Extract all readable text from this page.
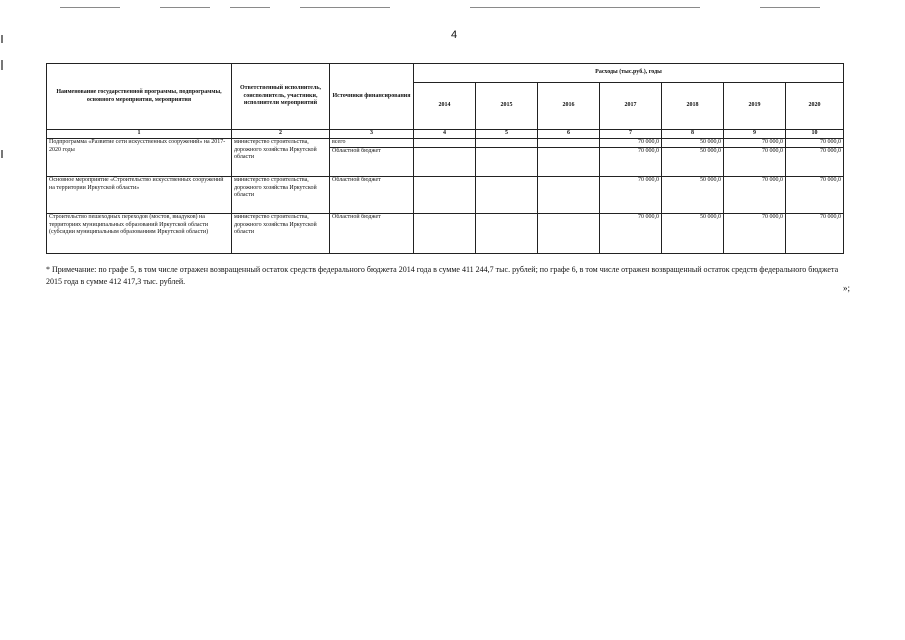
4
Наименование государственной программы, подпрограммы, основного мероприятия, мероприятия	Ответственный исполнитель, соисполнитель, участники, исполнители мероприятий	Источники финансирования	Расходы (тыс.руб.), годы						
			2014	2015	2016	2017	2018	2019	2020
1	2	3	4	5	6	7	8	9	10
Подпрограмма «Развитие сети искусственных сооружений» на 2017-2020 годы	министерство строительства, дорожного хозяйства Иркутской области	всего				70 000,0	50 000,0	70 000,0	70 000,0
		Областной бюджет				70 000,0	50 000,0	70 000,0	70 000,0
Основное мероприятие «Строительство искусственных сооружений на территории Иркутской области»	министерство строительства, дорожного хозяйства Иркутской области	Областной бюджет				70 000,0	50 000,0	70 000,0	70 000,0
Строительство пешеходных переходов (мостов, виадуков) на территориях муниципальных образований Иркутской области (субсидии муниципальным образованиям Иркутской области)	министерство строительства, дорожного хозяйства Иркутской области	Областной бюджет				70 000,0	50 000,0	70 000,0	70 000,0
* Примечание: по графе 5, в том числе отражен возвращенный остаток средств федерального бюджета 2014 года в сумме 411 244,7 тыс. рублей; по графе 6, в том числе отражен возвращенный остаток средств федерального бюджета 2015 года в сумме 412 417,3 тыс. рублей.
»;
